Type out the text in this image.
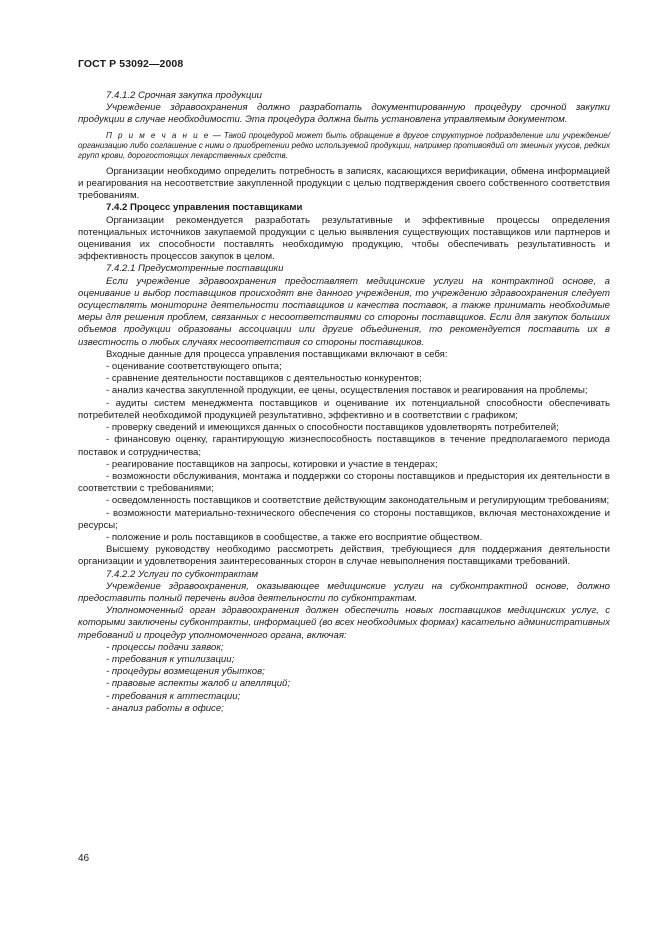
ГОСТ Р 53092—2008

7.4.1.2 Срочная закупка продукции

Учреждение здравоохранения должно разработать документированную процедуру срочной закупки продукции в случае необходимости. Эта процедура должна быть установлена управляемым документом.

П р и м е ч а н и е — Такой процедурой может быть обращение в другое структурное подразделение или учреждение/организацию либо соглашение с ними о приобретении редко используемой продукции, например противоядий от змеиных укусов, редких групп крови, дорогостоящих лекарственных средств.

Организации необходимо определить потребность в записях, касающихся верификации, обмена информацией и реагирования на несоответствие закупленной продукции с целью подтверждения своего собственного соответствия требованиям.

7.4.2 Процесс управления поставщиками

Организации рекомендуется разработать результативные и эффективные процессы определения потенциальных источников закупаемой продукции с целью выявления существующих поставщиков или партнеров и оценивания их способности поставлять необходимую продукцию, чтобы обеспечивать результативность и эффективность процессов закупок в целом.

7.4.2.1 Предусмотренные поставщики

Если учреждение здравоохранения предоставляет медицинские услуги на контрактной основе, а оценивание и выбор поставщиков происходят вне данного учреждения, то учреждению здравоохранения следует осуществлять мониторинг деятельности поставщиков и качества поставок, а также принимать необходимые меры для решения проблем, связанных с несоответствиями со стороны поставщиков. Если для закупок больших объемов продукции образованы ассоциации или другие объединения, то рекомендуется поставить их в известность о любых случаях несоответствия со стороны поставщиков.

Входные данные для процесса управления поставщиками включают в себя:

- оценивание соответствующего опыта;

- сравнение деятельности поставщиков с деятельностью конкурентов;

- анализ качества закупленной продукции, ее цены, осуществления поставок и реагирования на проблемы;

- аудиты систем менеджмента поставщиков и оценивание их потенциальной способности обеспечивать потребителей необходимой продукцией результативно, эффективно и в соответствии с графиком;

- проверку сведений и имеющихся данных о способности поставщиков удовлетворять потребителей;

- финансовую оценку, гарантирующую жизнеспособность поставщиков в течение предполагаемого периода поставок и сотрудничества;

- реагирование поставщиков на запросы, котировки и участие в тендерах;

- возможности обслуживания, монтажа и поддержки со стороны поставщиков и предыстория их деятельности в соответствии с требованиями;

- осведомленность поставщиков и соответствие действующим законодательным и регулирующим требованиям;

- возможности материально-технического обеспечения со стороны поставщиков, включая местонахождение и ресурсы;

- положение и роль поставщиков в сообществе, а также его восприятие обществом.

Высшему руководству необходимо рассмотреть действия, требующиеся для поддержания деятельности организации и удовлетворения заинтересованных сторон в случае невыполнения поставщиками требований.

7.4.2.2 Услуги по субконтрактам

Учреждение здравоохранения, оказывающее медицинские услуги на субконтрактной основе, должно предоставить полный перечень видов деятельности по субконтрактам.

Уполномоченный орган здравоохранения должен обеспечить новых поставщиков медицинских услуг, с которыми заключены субконтракты, информацией (во всех необходимых формах) касательно административных требований и процедур уполномоченного органа, включая:

- процессы подачи заявок;

- требования к утилизации;

- процедуры возмещения убытков;

- правовые аспекты жалоб и апелляций;

- требования к аттестации;

- анализ работы в офисе;

46
